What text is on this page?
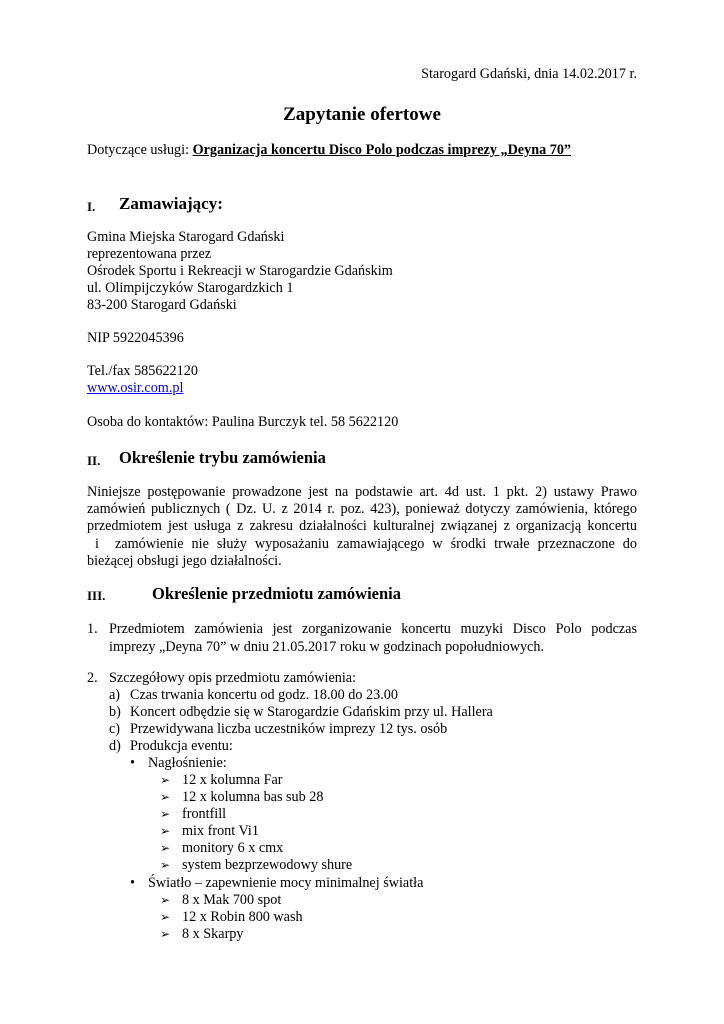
Starogard Gdański, dnia 14.02.2017 r.
Zapytanie ofertowe
Dotyczące usługi: Organizacja koncertu Disco Polo podczas imprezy „Deyna 70”
I. Zamawiający:
Gmina Miejska Starogard Gdański
reprezentowana przez
Ośrodek Sportu i Rekreacji w Starogardzie Gdańskim
ul. Olimpijczyków Starogardzkich 1
83-200 Starogard Gdański
NIP 5922045396
Tel./fax 585622120
www.osir.com.pl
Osoba do kontaktów: Paulina Burczyk tel. 58 5622120
II. Określenie trybu zamówienia
Niniejsze postępowanie prowadzone jest na podstawie art. 4d ust. 1 pkt. 2) ustawy Prawo
zamówień publicznych ( Dz. U. z 2014 r. poz. 423), ponieważ dotyczy zamówienia, którego
przedmiotem jest usługa z zakresu działalności kulturalnej związanej z organizacją koncertu
i  zamówienie nie służy wyposażaniu zamawiającego w środki trwałe przeznaczone do
bieżącej obsługi jego działalności.
III.	Określenie przedmiotu zamówienia
1. Przedmiotem zamówienia jest zorganizowanie koncertu muzyki Disco Polo podczas
imprezy „Deyna 70” w dniu 21.05.2017 roku w godzinach popołudniowych.
2. Szczegółowy opis przedmiotu zamówienia:
a) Czas trwania koncertu od godz. 18.00 do 23.00
b) Koncert odbędzie się w Starogardzie Gdańskim przy ul. Hallera
c) Przewidywana liczba uczestników imprezy 12 tys. osób
d) Produkcja eventu:
• Nagłośnienie:
➢ 12 x kolumna Far
➢ 12 x kolumna bas sub 28
➢ frontfill
➢ mix front Vi1
➢ monitory 6 x cmx
➢ system bezprzewodowy shure
• Światło – zapewnienie mocy minimalnej światła
➢ 8 x Mak 700 spot
➢ 12 x Robin 800 wash
➢ 8 x Skarpy
